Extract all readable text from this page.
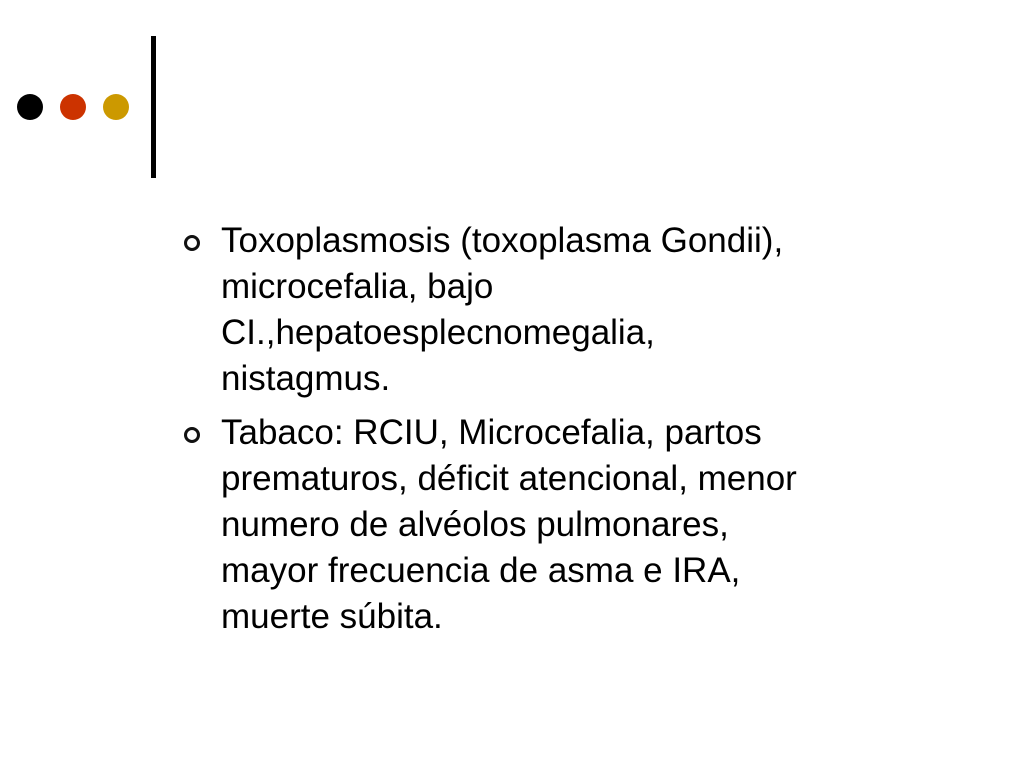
Toxoplasmosis (toxoplasma Gondii),
microcefalia, bajo
CI.,hepatoesplecnomegalia,
nistagmus.
Tabaco: RCIU, Microcefalia, partos
prematuros, déficit atencional, menor
numero de alvéolos pulmonares,
mayor frecuencia de asma e IRA,
muerte súbita.
